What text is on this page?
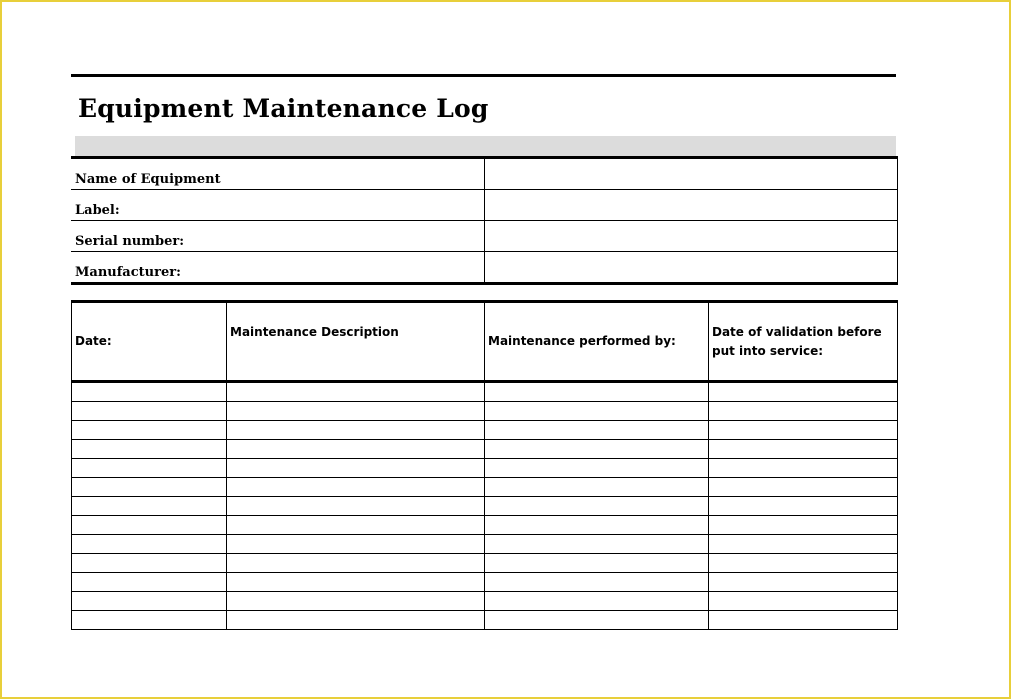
Equipment Maintenance Log
Name of Equipment	
Label:	
Serial number:	
Manufacturer:	
Date:	Maintenance Description	Maintenance performed by:	Date of validation before put into service:
